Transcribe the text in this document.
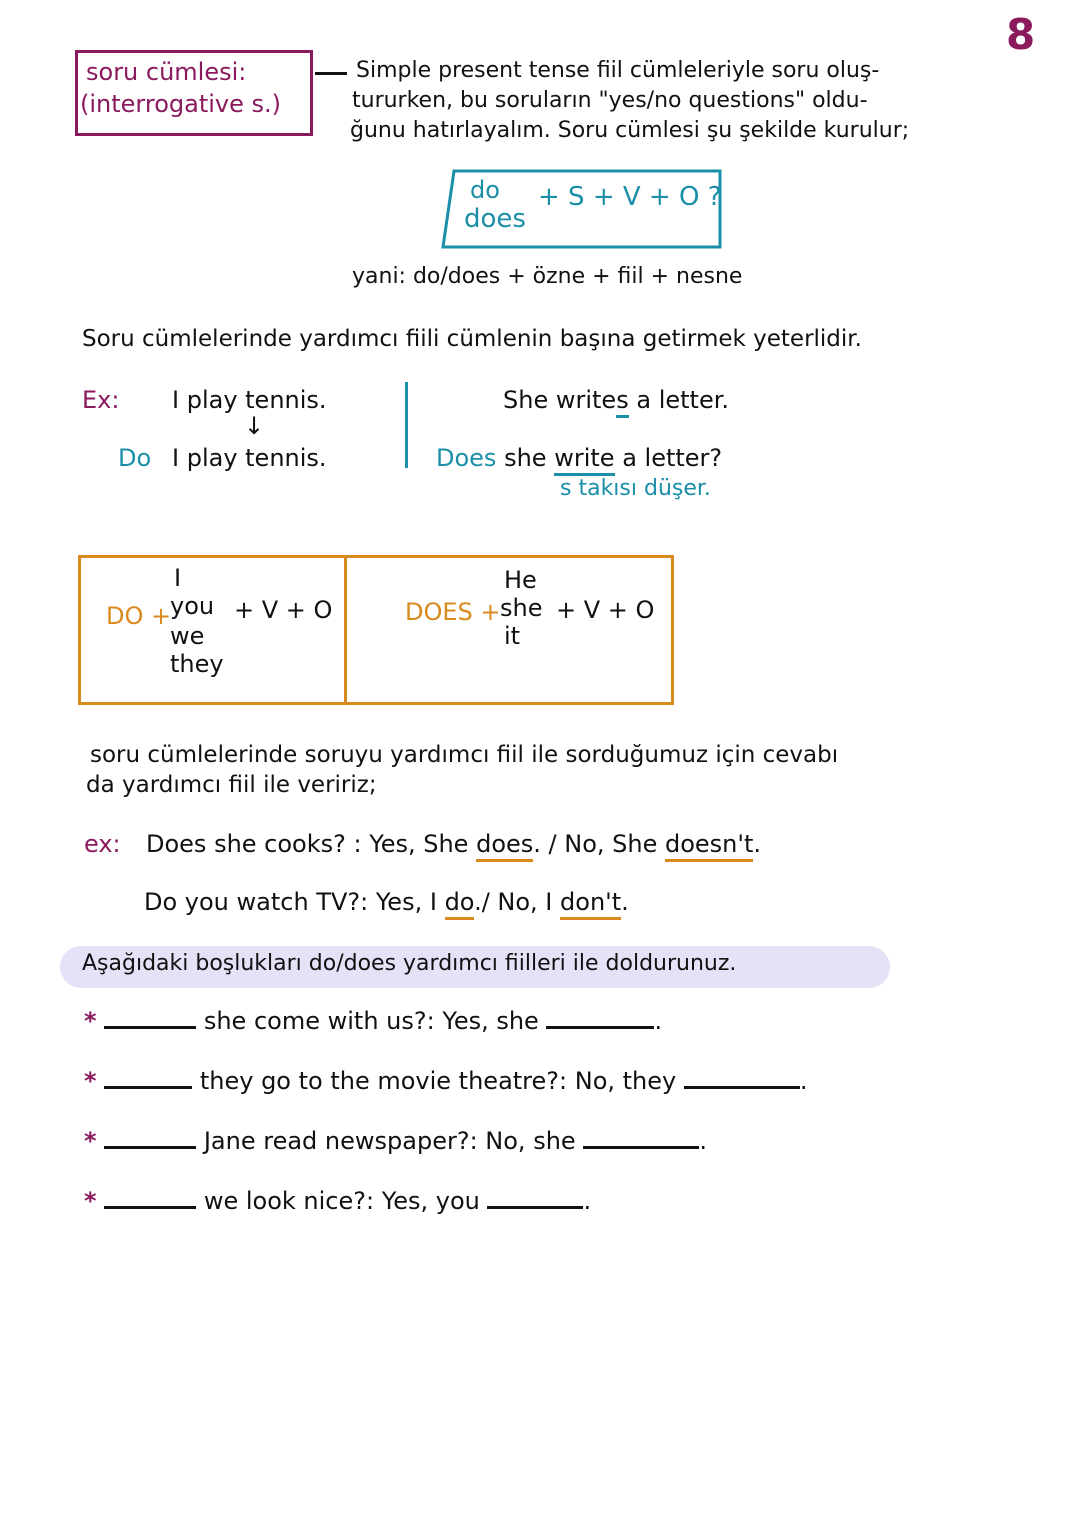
8
soru cümlesi:
(interrogative s.)
Simple present tense fiil cümleleriyle soru oluş-
tururken, bu soruların "yes/no questions" oldu-
ğunu hatırlayalım. Soru cümlesi şu şekilde kurulur;
do
does
+ S + V + O ?
yani: do/does + özne + fiil + nesne
Soru cümlelerinde yardımcı fiili cümlenin başına getirmek yeterlidir.
Ex: I play tennis.
↓
Do I play tennis.
She writes a letter.
Does she write a letter?
s takısı düşer.
DO +
I
you
we
they
+ V + O	DOES +
He
she
it
+ V + O
soru cümlelerinde soruyu yardımcı fiil ile sorduğumuz için cevabı
da yardımcı fiil ile veririz;
ex: Does she cooks? : Yes, She does. / No, She doesn't.
Do you watch TV?: Yes, I do./ No, I don't.
Aşağıdaki boşlukları do/does yardımcı fiilleri ile doldurunuz.
*	she come with us?: Yes, she	.
*	they go to the movie theatre?: No, they	.
*	Jane read newspaper?: No, she	.
*	we look nice?: Yes, you	.
